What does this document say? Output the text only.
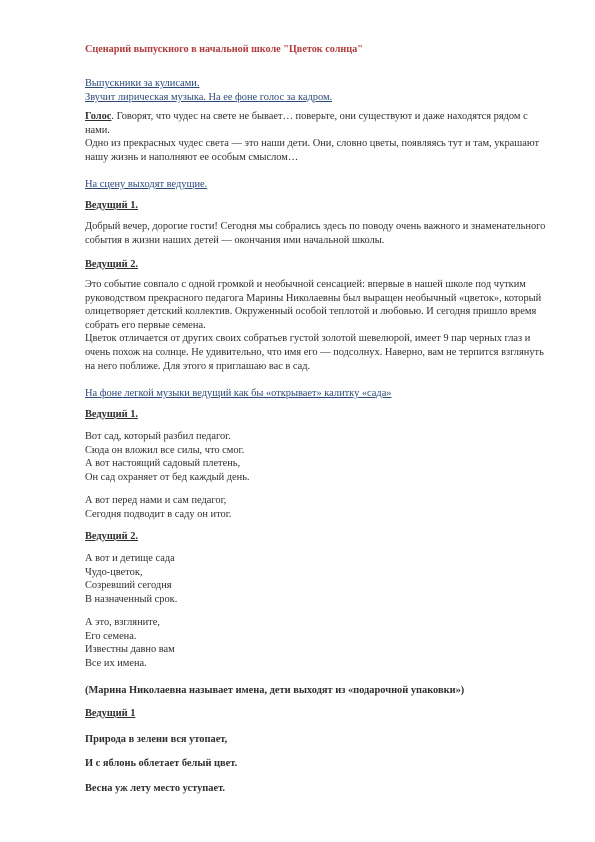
Сценарий выпускного в начальной школе "Цветок солнца"
Выпускники за кулисами.
Звучит лирическая музыка. На ее фоне голос за кадром.

Голос. Говорят, что чудес на свете не бывает… поверьте, они существуют и даже находятся рядом с нами.

Одно из прекрасных чудес света — это наши дети. Они, словно цветы, появляясь тут и там, украшают нашу жизнь и наполняют ее особым смыслом…

На сцену выходят ведущие.
Ведущий 1.
Добрый вечер, дорогие гости! Сегодня мы собрались здесь по поводу очень важного и знаменательного события в жизни наших детей — окончания ими начальной школы.
Ведущий 2.

Это событие совпало с одной громкой и необычной сенсацией: впервые в нашей школе под чутким руководством прекрасного педагога Марины Николаевны был выращен необычный «цветок», который олицетворяет детский коллектив. Окруженный особой теплотой и любовью. И сегодня пришло время собрать его первые семена.

Цветок отличается от других своих собратьев густой золотой шевелюрой, имеет 9 пар черных глаз и очень похож на солнце. Не удивительно, что имя его — подсолнух. Наверно, вам не терпится взглянуть на него поближе. Для этого я приглашаю вас в сад.

На фоне легкой музыки ведущий как бы «открывает» калитку «сада»
Ведущий 1.
Вот сад, который разбил педагог.
Сюда он вложил все силы, что смог.
А вот настоящий садовый плетень,
Он сад охраняет от бед каждый день.
А вот перед нами и сам педагог,
Сегодня подводит в саду он итог.
Ведущий 2.
А вот и детище сада
Чудо-цветок,
Созревший сегодня
В назначенный срок.
А это, взгляните,
Его семена.
Известны давно вам
Все их имена.
(Марина Николаевна называет имена, дети выходят из «подарочной упаковки»)
Ведущий 1
Природа в зелени вся утопает,
И с яблонь облетает белый цвет.
Весна уж лету место уступает.
